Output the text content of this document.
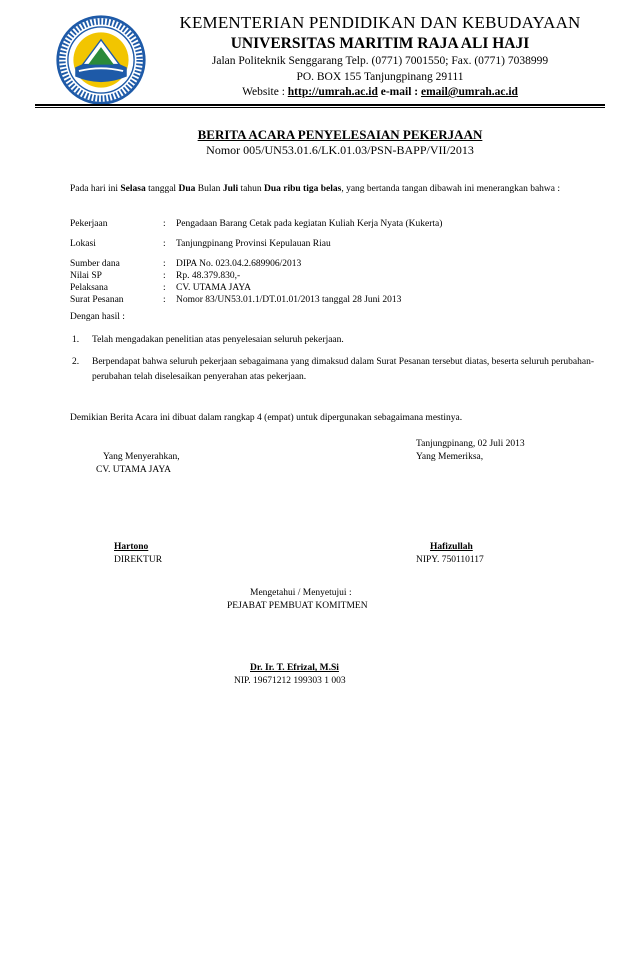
KEMENTERIAN PENDIDIKAN DAN KEBUDAYAAN
UNIVERSITAS MARITIM RAJA ALI HAJI
Jalan Politeknik Senggarang Telp. (0771) 7001550; Fax. (0771) 7038999
PO. BOX 155 Tanjungpinang 29111
Website : http://umrah.ac.id e-mail : email@umrah.ac.id
BERITA ACARA PENYELESAIAN PEKERJAAN
Nomor 005/UN53.01.6/LK.01.03/PSN-BAPP/VII/2013
Pada hari ini Selasa tanggal Dua Bulan Juli tahun Dua ribu tiga belas, yang bertanda tangan dibawah ini menerangkan bahwa :
Pekerjaan	: Pengadaan Barang Cetak pada kegiatan Kuliah Kerja Nyata (Kukerta)
Lokasi	: Tanjungpinang Provinsi Kepulauan Riau
Sumber dana	: DIPA No. 023.04.2.689906/2013
Nilai SP	: Rp. 48.379.830,-
Pelaksana	: CV. UTAMA JAYA
Surat Pesanan	: Nomor 83/UN53.01.1/DT.01.01/2013 tanggal 28 Juni 2013
Dengan hasil :
1. Telah mengadakan penelitian atas penyelesaian seluruh pekerjaan.
2. Berpendapat bahwa seluruh pekerjaan sebagaimana yang dimaksud dalam Surat Pesanan tersebut diatas, beserta seluruh perubahan-perubahan telah diselesaikan penyerahan atas pekerjaan.
Demikian Berita Acara ini dibuat dalam rangkap 4 (empat) untuk dipergunakan sebagaimana mestinya.
Tanjungpinang, 02 Juli 2013
Yang Menyerahkan,	Yang Memeriksa,
CV. UTAMA JAYA
Hartono
DIREKTUR
Hafizullah
NIPY. 750110117
Mengetahui / Menyetujui :
PEJABAT PEMBUAT KOMITMEN
Dr. Ir. T. Efrizal, M.Si
NIP. 19671212 199303 1 003
